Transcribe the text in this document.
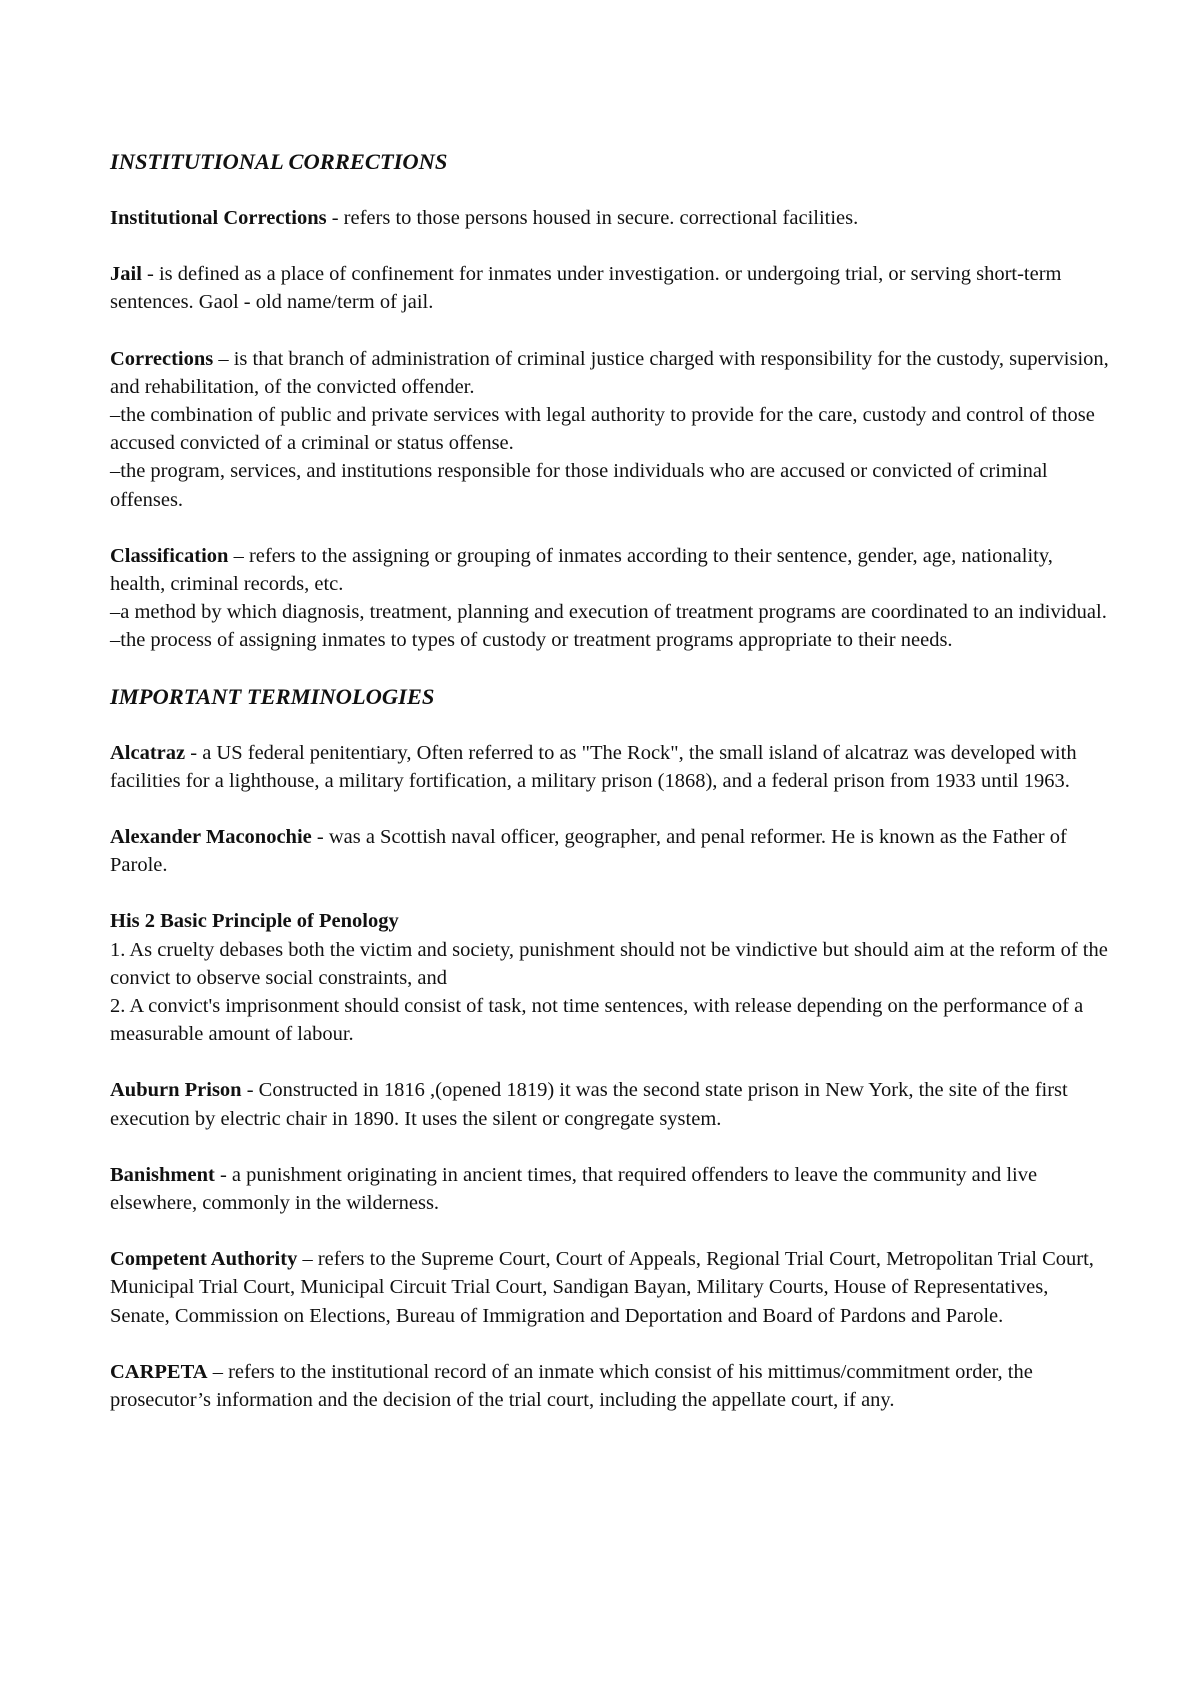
INSTITUTIONAL CORRECTIONS

Institutional Corrections - refers to those persons housed in secure. correctional facilities.

Jail - is defined as a place of confinement for inmates under investigation. or undergoing trial, or serving short-term sentences. Gaol - old name/term of jail.

Corrections – is that branch of administration of criminal justice charged with responsibility for the custody, supervision, and rehabilitation, of the convicted offender.

–the combination of public and private services with legal authority to provide for the care, custody and control of those accused convicted of a criminal or status offense.

–the program, services, and institutions responsible for those individuals who are accused or convicted of criminal offenses.

Classification – refers to the assigning or grouping of inmates according to their sentence, gender, age, nationality, health, criminal records, etc.

–a method by which diagnosis, treatment, planning and execution of treatment programs are coordinated to an individual.

–the process of assigning inmates to types of custody or treatment programs appropriate to their needs.

IMPORTANT TERMINOLOGIES

Alcatraz - a US federal penitentiary, Often referred to as "The Rock", the small island of alcatraz was developed with facilities for a lighthouse, a military fortification, a military prison (1868), and a federal prison from 1933 until 1963.

Alexander Maconochie - was a Scottish naval officer, geographer, and penal reformer. He is known as the Father of Parole.

His 2 Basic Principle of Penology

1. As cruelty debases both the victim and society, punishment should not be vindictive but should aim at the reform of the convict to observe social constraints, and

2. A convict's imprisonment should consist of task, not time sentences, with release depending on the performance of a measurable amount of labour.

Auburn Prison - Constructed in 1816 ,(opened 1819) it was the second state prison in New York, the site of the first execution by electric chair in 1890. It uses the silent or congregate system.

Banishment - a punishment originating in ancient times, that required offenders to leave the community and live elsewhere, commonly in the wilderness.

Competent Authority – refers to the Supreme Court, Court of Appeals, Regional Trial Court, Metropolitan Trial Court, Municipal Trial Court, Municipal Circuit Trial Court, Sandigan Bayan, Military Courts, House of Representatives, Senate, Commission on Elections, Bureau of Immigration and Deportation and Board of Pardons and Parole.

CARPETA – refers to the institutional record of an inmate which consist of his mittimus/commitment order, the prosecutor’s information and the decision of the trial court, including the appellate court, if any.
